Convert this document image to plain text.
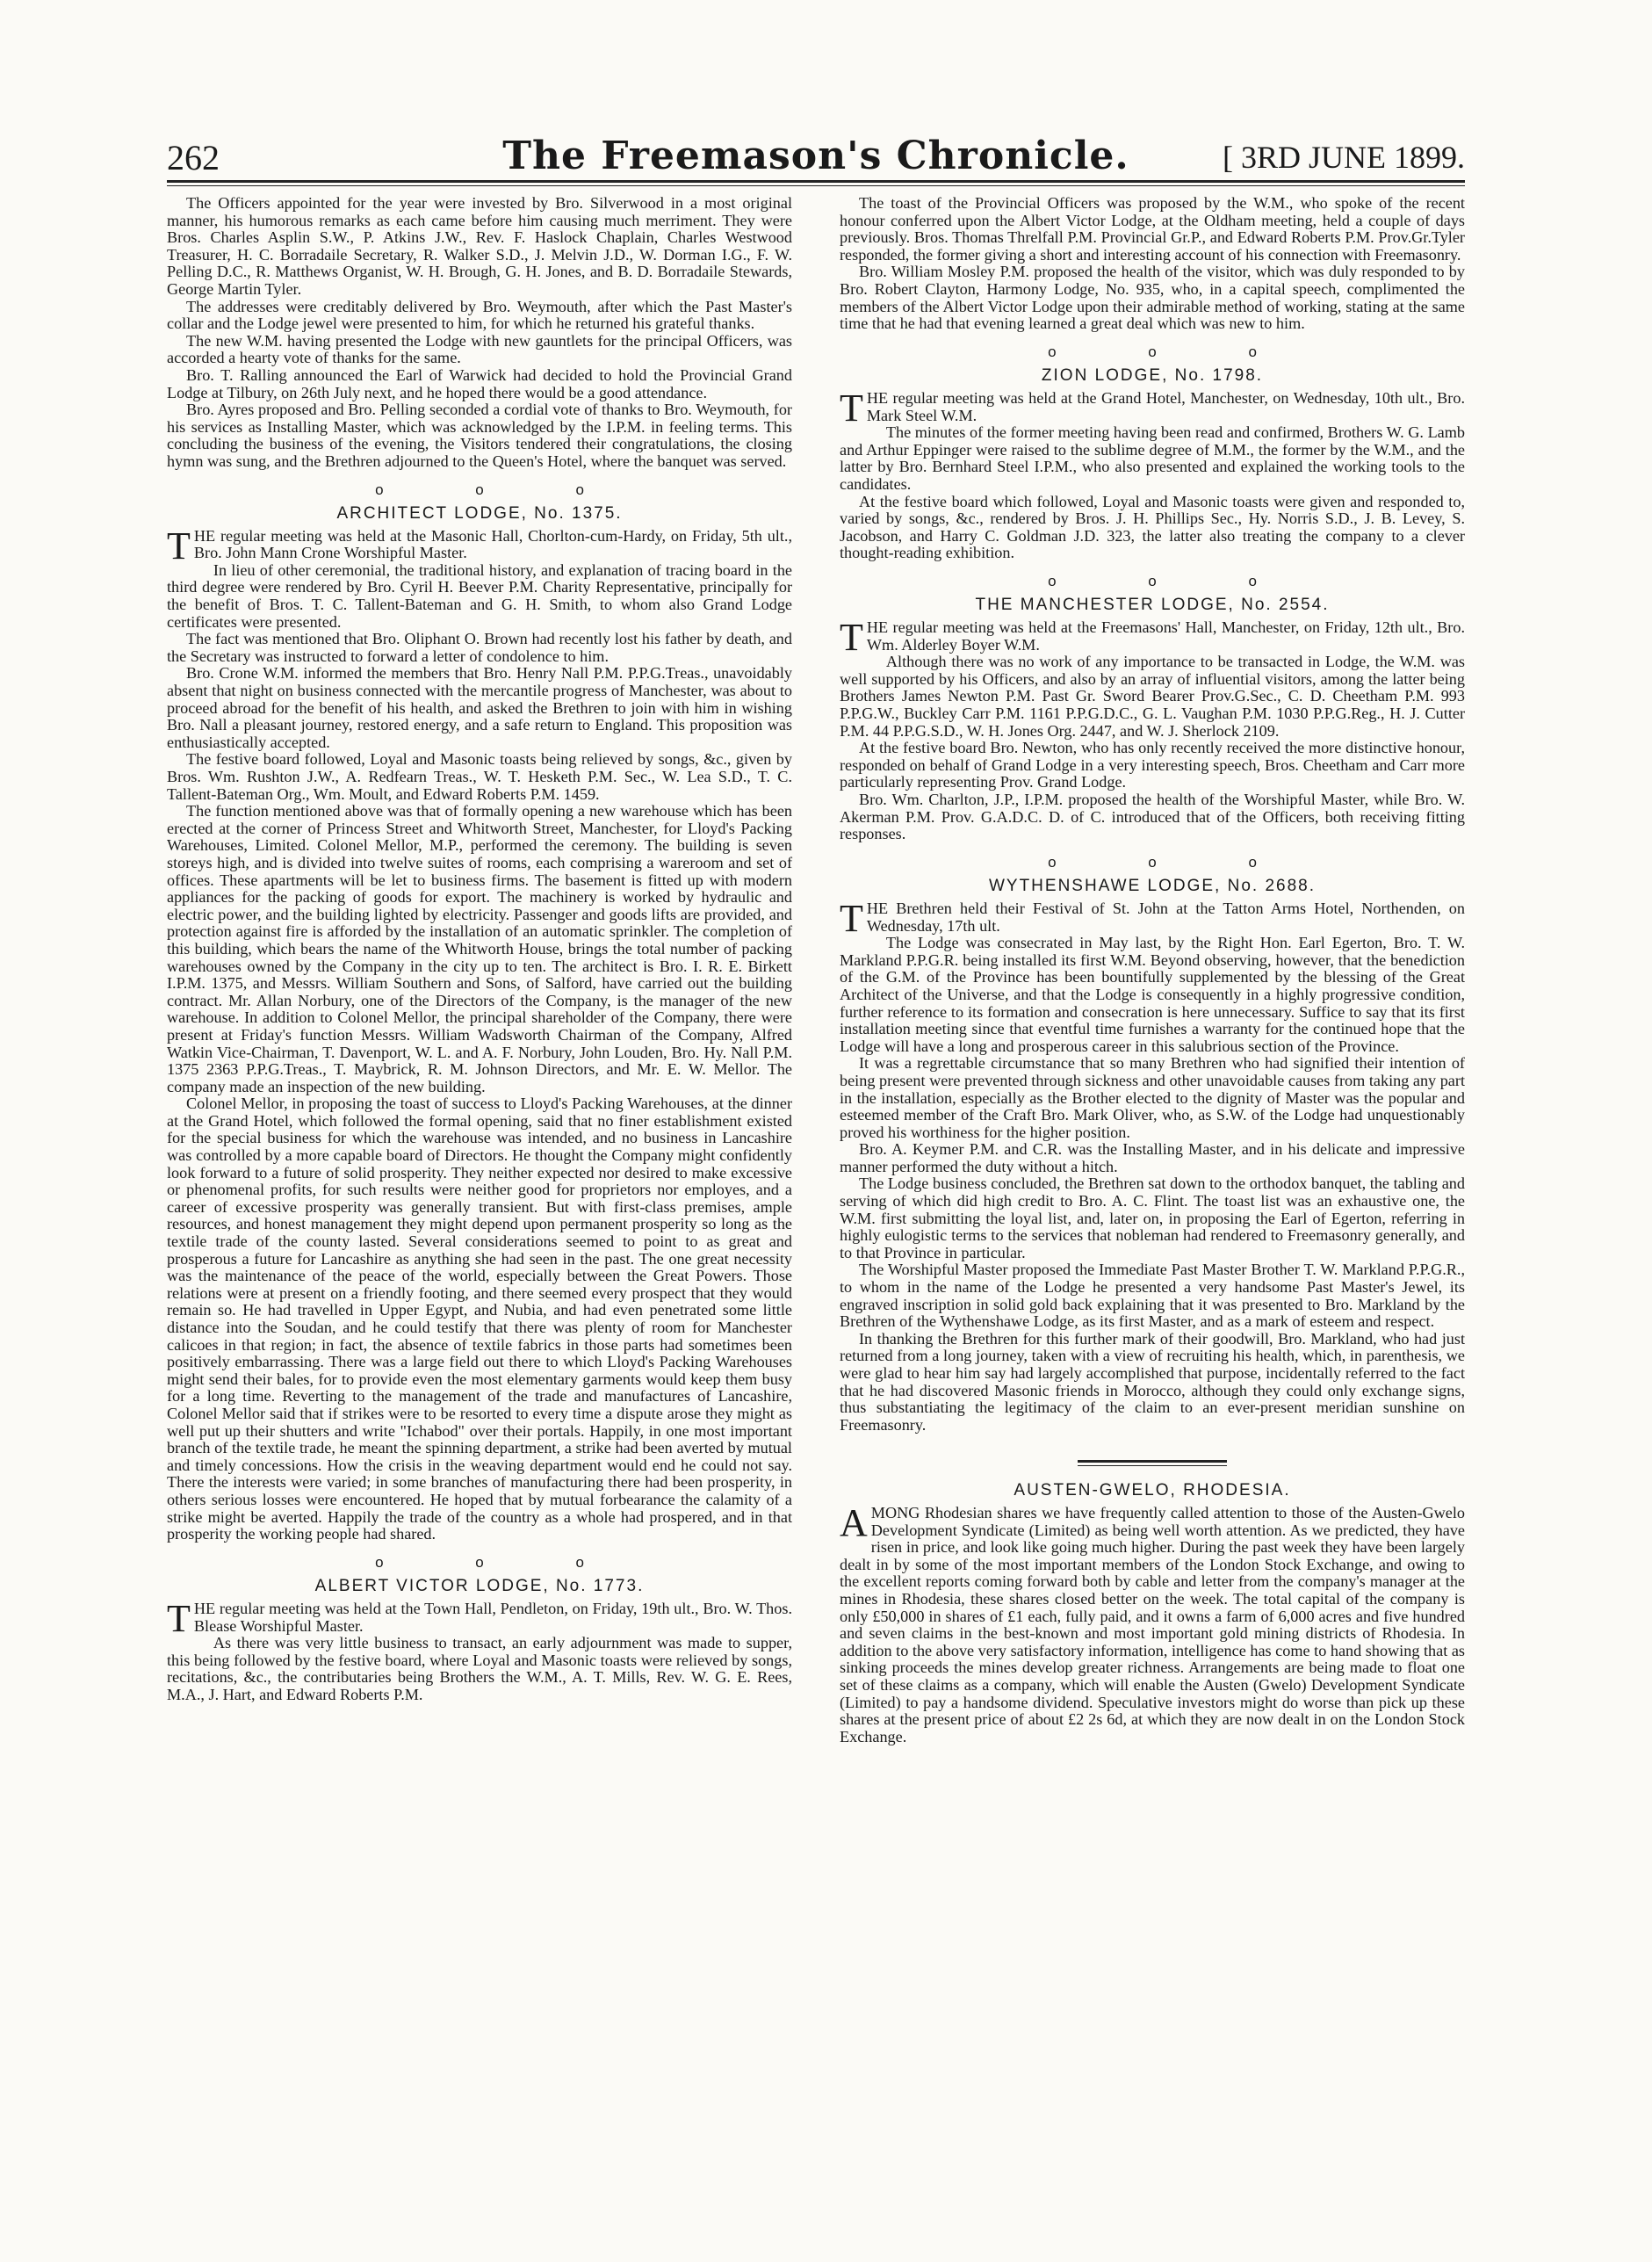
262	The Freemason's Chronicle.	[ 3RD JUNE 1899.

The Officers appointed for the year were invested by Bro. Silverwood in a most original manner, his humorous remarks as each came before him causing much merriment. They were Bros. Charles Asplin S.W., P. Atkins J.W., Rev. F. Haslock Chaplain, Charles Westwood Treasurer, H. C. Borradaile Secretary, R. Walker S.D., J. Melvin J.D., W. Dorman I.G., F. W. Pelling D.C., R. Matthews Organist, W. H. Brough, G. H. Jones, and B. D. Borradaile Stewards, George Martin Tyler.

The addresses were creditably delivered by Bro. Weymouth, after which the Past Master's collar and the Lodge jewel were presented to him, for which he returned his grateful thanks.

The new W.M. having presented the Lodge with new gauntlets for the principal Officers, was accorded a hearty vote of thanks for the same.

Bro. T. Ralling announced the Earl of Warwick had decided to hold the Provincial Grand Lodge at Tilbury, on 26th July next, and he hoped there would be a good attendance.

Bro. Ayres proposed and Bro. Pelling seconded a cordial vote of thanks to Bro. Weymouth, for his services as Installing Master, which was acknowledged by the I.P.M. in feeling terms. This concluding the business of the evening, the Visitors tendered their congratulations, the closing hymn was sung, and the Brethren adjourned to the Queen's Hotel, where the banquet was served.

o o o
ARCHITECT LODGE, No. 1375.

THE regular meeting was held at the Masonic Hall, Chorlton-cum-Hardy, on Friday, 5th ult., Bro. John Mann Crone Worshipful Master.

In lieu of other ceremonial, the traditional history, and explanation of tracing board in the third degree were rendered by Bro. Cyril H. Beever P.M. Charity Representative, principally for the benefit of Bros. T. C. Tallent-Bateman and G. H. Smith, to whom also Grand Lodge certificates were presented.

The fact was mentioned that Bro. Oliphant O. Brown had recently lost his father by death, and the Secretary was instructed to forward a letter of condolence to him.

Bro. Crone W.M. informed the members that Bro. Henry Nall P.M. P.P.G.Treas., unavoidably absent that night on business connected with the mercantile progress of Manchester, was about to proceed abroad for the benefit of his health, and asked the Brethren to join with him in wishing Bro. Nall a pleasant journey, restored energy, and a safe return to England. This proposition was enthusiastically accepted.

The festive board followed, Loyal and Masonic toasts being relieved by songs, &c., given by Bros. Wm. Rushton J.W., A. Redfearn Treas., W. T. Hesketh P.M. Sec., W. Lea S.D., T. C. Tallent-Bateman Org., Wm. Moult, and Edward Roberts P.M. 1459.

The function mentioned above was that of formally opening a new warehouse which has been erected at the corner of Princess Street and Whitworth Street, Manchester, for Lloyd's Packing Warehouses, Limited. Colonel Mellor, M.P., performed the ceremony. The building is seven storeys high, and is divided into twelve suites of rooms, each comprising a wareroom and set of offices. These apartments will be let to business firms. The basement is fitted up with modern appliances for the packing of goods for export. The machinery is worked by hydraulic and electric power, and the building lighted by electricity. Passenger and goods lifts are provided, and protection against fire is afforded by the installation of an automatic sprinkler. The completion of this building, which bears the name of the Whitworth House, brings the total number of packing warehouses owned by the Company in the city up to ten. The architect is Bro. I. R. E. Birkett I.P.M. 1375, and Messrs. William Southern and Sons, of Salford, have carried out the building contract. Mr. Allan Norbury, one of the Directors of the Company, is the manager of the new warehouse. In addition to Colonel Mellor, the principal shareholder of the Company, there were present at Friday's function Messrs. William Wadsworth Chairman of the Company, Alfred Watkin Vice-Chairman, T. Davenport, W. L. and A. F. Norbury, John Louden, Bro. Hy. Nall P.M. 1375 2363 P.P.G.Treas., T. Maybrick, R. M. Johnson Directors, and Mr. E. W. Mellor. The company made an inspection of the new building.

Colonel Mellor, in proposing the toast of success to Lloyd's Packing Warehouses, at the dinner at the Grand Hotel, which followed the formal opening, said that no finer establishment existed for the special business for which the warehouse was intended, and no business in Lancashire was controlled by a more capable board of Directors. He thought the Company might confidently look forward to a future of solid prosperity. They neither expected nor desired to make excessive or phenomenal profits, for such results were neither good for proprietors nor employes, and a career of excessive prosperity was generally transient. But with first-class premises, ample resources, and honest management they might depend upon permanent prosperity so long as the textile trade of the county lasted. Several considerations seemed to point to as great and prosperous a future for Lancashire as anything she had seen in the past. The one great necessity was the maintenance of the peace of the world, especially between the Great Powers. Those relations were at present on a friendly footing, and there seemed every prospect that they would remain so. He had travelled in Upper Egypt, and Nubia, and had even penetrated some little distance into the Soudan, and he could testify that there was plenty of room for Manchester calicoes in that region; in fact, the absence of textile fabrics in those parts had sometimes been positively embarrassing. There was a large field out there to which Lloyd's Packing Warehouses might send their bales, for to provide even the most elementary garments would keep them busy for a long time. Reverting to the management of the trade and manufactures of Lancashire, Colonel Mellor said that if strikes were to be resorted to every time a dispute arose they might as well put up their shutters and write "Ichabod" over their portals. Happily, in one most important branch of the textile trade, he meant the spinning department, a strike had been averted by mutual and timely concessions. How the crisis in the weaving department would end he could not say. There the interests were varied; in some branches of manufacturing there had been prosperity, in others serious losses were encountered. He hoped that by mutual forbearance the calamity of a strike might be averted. Happily the trade of the country as a whole had prospered, and in that prosperity the working people had shared.

o o o
ALBERT VICTOR LODGE, No. 1773.

THE regular meeting was held at the Town Hall, Pendleton, on Friday, 19th ult., Bro. W. Thos. Blease Worshipful Master.

As there was very little business to transact, an early adjournment was made to supper, this being followed by the festive board, where Loyal and Masonic toasts were relieved by songs, recitations, &c., the contributaries being Brothers the W.M., A. T. Mills, Rev. W. G. E. Rees, M.A., J. Hart, and Edward Roberts P.M.

The toast of the Provincial Officers was proposed by the W.M., who spoke of the recent honour conferred upon the Albert Victor Lodge, at the Oldham meeting, held a couple of days previously. Bros. Thomas Threlfall P.M. Provincial Gr.P., and Edward Roberts P.M. Prov.Gr.Tyler responded, the former giving a short and interesting account of his connection with Freemasonry.

Bro. William Mosley P.M. proposed the health of the visitor, which was duly responded to by Bro. Robert Clayton, Harmony Lodge, No. 935, who, in a capital speech, complimented the members of the Albert Victor Lodge upon their admirable method of working, stating at the same time that he had that evening learned a great deal which was new to him.

o o o
ZION LODGE, No. 1798.

THE regular meeting was held at the Grand Hotel, Manchester, on Wednesday, 10th ult., Bro. Mark Steel W.M.

The minutes of the former meeting having been read and confirmed, Brothers W. G. Lamb and Arthur Eppinger were raised to the sublime degree of M.M., the former by the W.M., and the latter by Bro. Bernhard Steel I.P.M., who also presented and explained the working tools to the candidates.

At the festive board which followed, Loyal and Masonic toasts were given and responded to, varied by songs, &c., rendered by Bros. J. H. Phillips Sec., Hy. Norris S.D., J. B. Levey, S. Jacobson, and Harry C. Goldman J.D. 323, the latter also treating the company to a clever thought-reading exhibition.

o o o
THE MANCHESTER LODGE, No. 2554.

THE regular meeting was held at the Freemasons' Hall, Manchester, on Friday, 12th ult., Bro. Wm. Alderley Boyer W.M.

Although there was no work of any importance to be transacted in Lodge, the W.M. was well supported by his Officers, and also by an array of influential visitors, among the latter being Brothers James Newton P.M. Past Gr. Sword Bearer Prov.G.Sec., C. D. Cheetham P.M. 993 P.P.G.W., Buckley Carr P.M. 1161 P.P.G.D.C., G. L. Vaughan P.M. 1030 P.P.G.Reg., H. J. Cutter P.M. 44 P.P.G.S.D., W. H. Jones Org. 2447, and W. J. Sherlock 2109.

At the festive board Bro. Newton, who has only recently received the more distinctive honour, responded on behalf of Grand Lodge in a very interesting speech, Bros. Cheetham and Carr more particularly representing Prov. Grand Lodge.

Bro. Wm. Charlton, J.P., I.P.M. proposed the health of the Worshipful Master, while Bro. W. Akerman P.M. Prov. G.A.D.C. D. of C. introduced that of the Officers, both receiving fitting responses.

o o o
WYTHENSHAWE LODGE, No. 2688.

THE Brethren held their Festival of St. John at the Tatton Arms Hotel, Northenden, on Wednesday, 17th ult.

The Lodge was consecrated in May last, by the Right Hon. Earl Egerton, Bro. T. W. Markland P.P.G.R. being installed its first W.M. Beyond observing, however, that the benediction of the G.M. of the Province has been bountifully supplemented by the blessing of the Great Architect of the Universe, and that the Lodge is consequently in a highly progressive condition, further reference to its formation and consecration is here unnecessary. Suffice to say that its first installation meeting since that eventful time furnishes a warranty for the continued hope that the Lodge will have a long and prosperous career in this salubrious section of the Province.

It was a regrettable circumstance that so many Brethren who had signified their intention of being present were prevented through sickness and other unavoidable causes from taking any part in the installation, especially as the Brother elected to the dignity of Master was the popular and esteemed member of the Craft Bro. Mark Oliver, who, as S.W. of the Lodge had unquestionably proved his worthiness for the higher position.

Bro. A. Keymer P.M. and C.R. was the Installing Master, and in his delicate and impressive manner performed the duty without a hitch.

The Lodge business concluded, the Brethren sat down to the orthodox banquet, the tabling and serving of which did high credit to Bro. A. C. Flint. The toast list was an exhaustive one, the W.M. first submitting the loyal list, and, later on, in proposing the Earl of Egerton, referring in highly eulogistic terms to the services that nobleman had rendered to Freemasonry generally, and to that Province in particular.

The Worshipful Master proposed the Immediate Past Master Brother T. W. Markland P.P.G.R., to whom in the name of the Lodge he presented a very handsome Past Master's Jewel, its engraved inscription in solid gold back explaining that it was presented to Bro. Markland by the Brethren of the Wythenshawe Lodge, as its first Master, and as a mark of esteem and respect.

In thanking the Brethren for this further mark of their goodwill, Bro. Markland, who had just returned from a long journey, taken with a view of recruiting his health, which, in parenthesis, we were glad to hear him say had largely accomplished that purpose, incidentally referred to the fact that he had discovered Masonic friends in Morocco, although they could only exchange signs, thus substantiating the legitimacy of the claim to an ever-present meridian sunshine on Freemasonry.

AUSTEN-GWELO, RHODESIA.

AMONG Rhodesian shares we have frequently called attention to those of the Austen-Gwelo Development Syndicate (Limited) as being well worth attention. As we predicted, they have risen in price, and look like going much higher. During the past week they have been largely dealt in by some of the most important members of the London Stock Exchange, and owing to the excellent reports coming forward both by cable and letter from the company's manager at the mines in Rhodesia, these shares closed better on the week. The total capital of the company is only £50,000 in shares of £1 each, fully paid, and it owns a farm of 6,000 acres and five hundred and seven claims in the best-known and most important gold mining districts of Rhodesia. In addition to the above very satisfactory information, intelligence has come to hand showing that as sinking proceeds the mines develop greater richness. Arrangements are being made to float one set of these claims as a company, which will enable the Austen (Gwelo) Development Syndicate (Limited) to pay a handsome dividend. Speculative investors might do worse than pick up these shares at the present price of about £2 2s 6d, at which they are now dealt in on the London Stock Exchange.
